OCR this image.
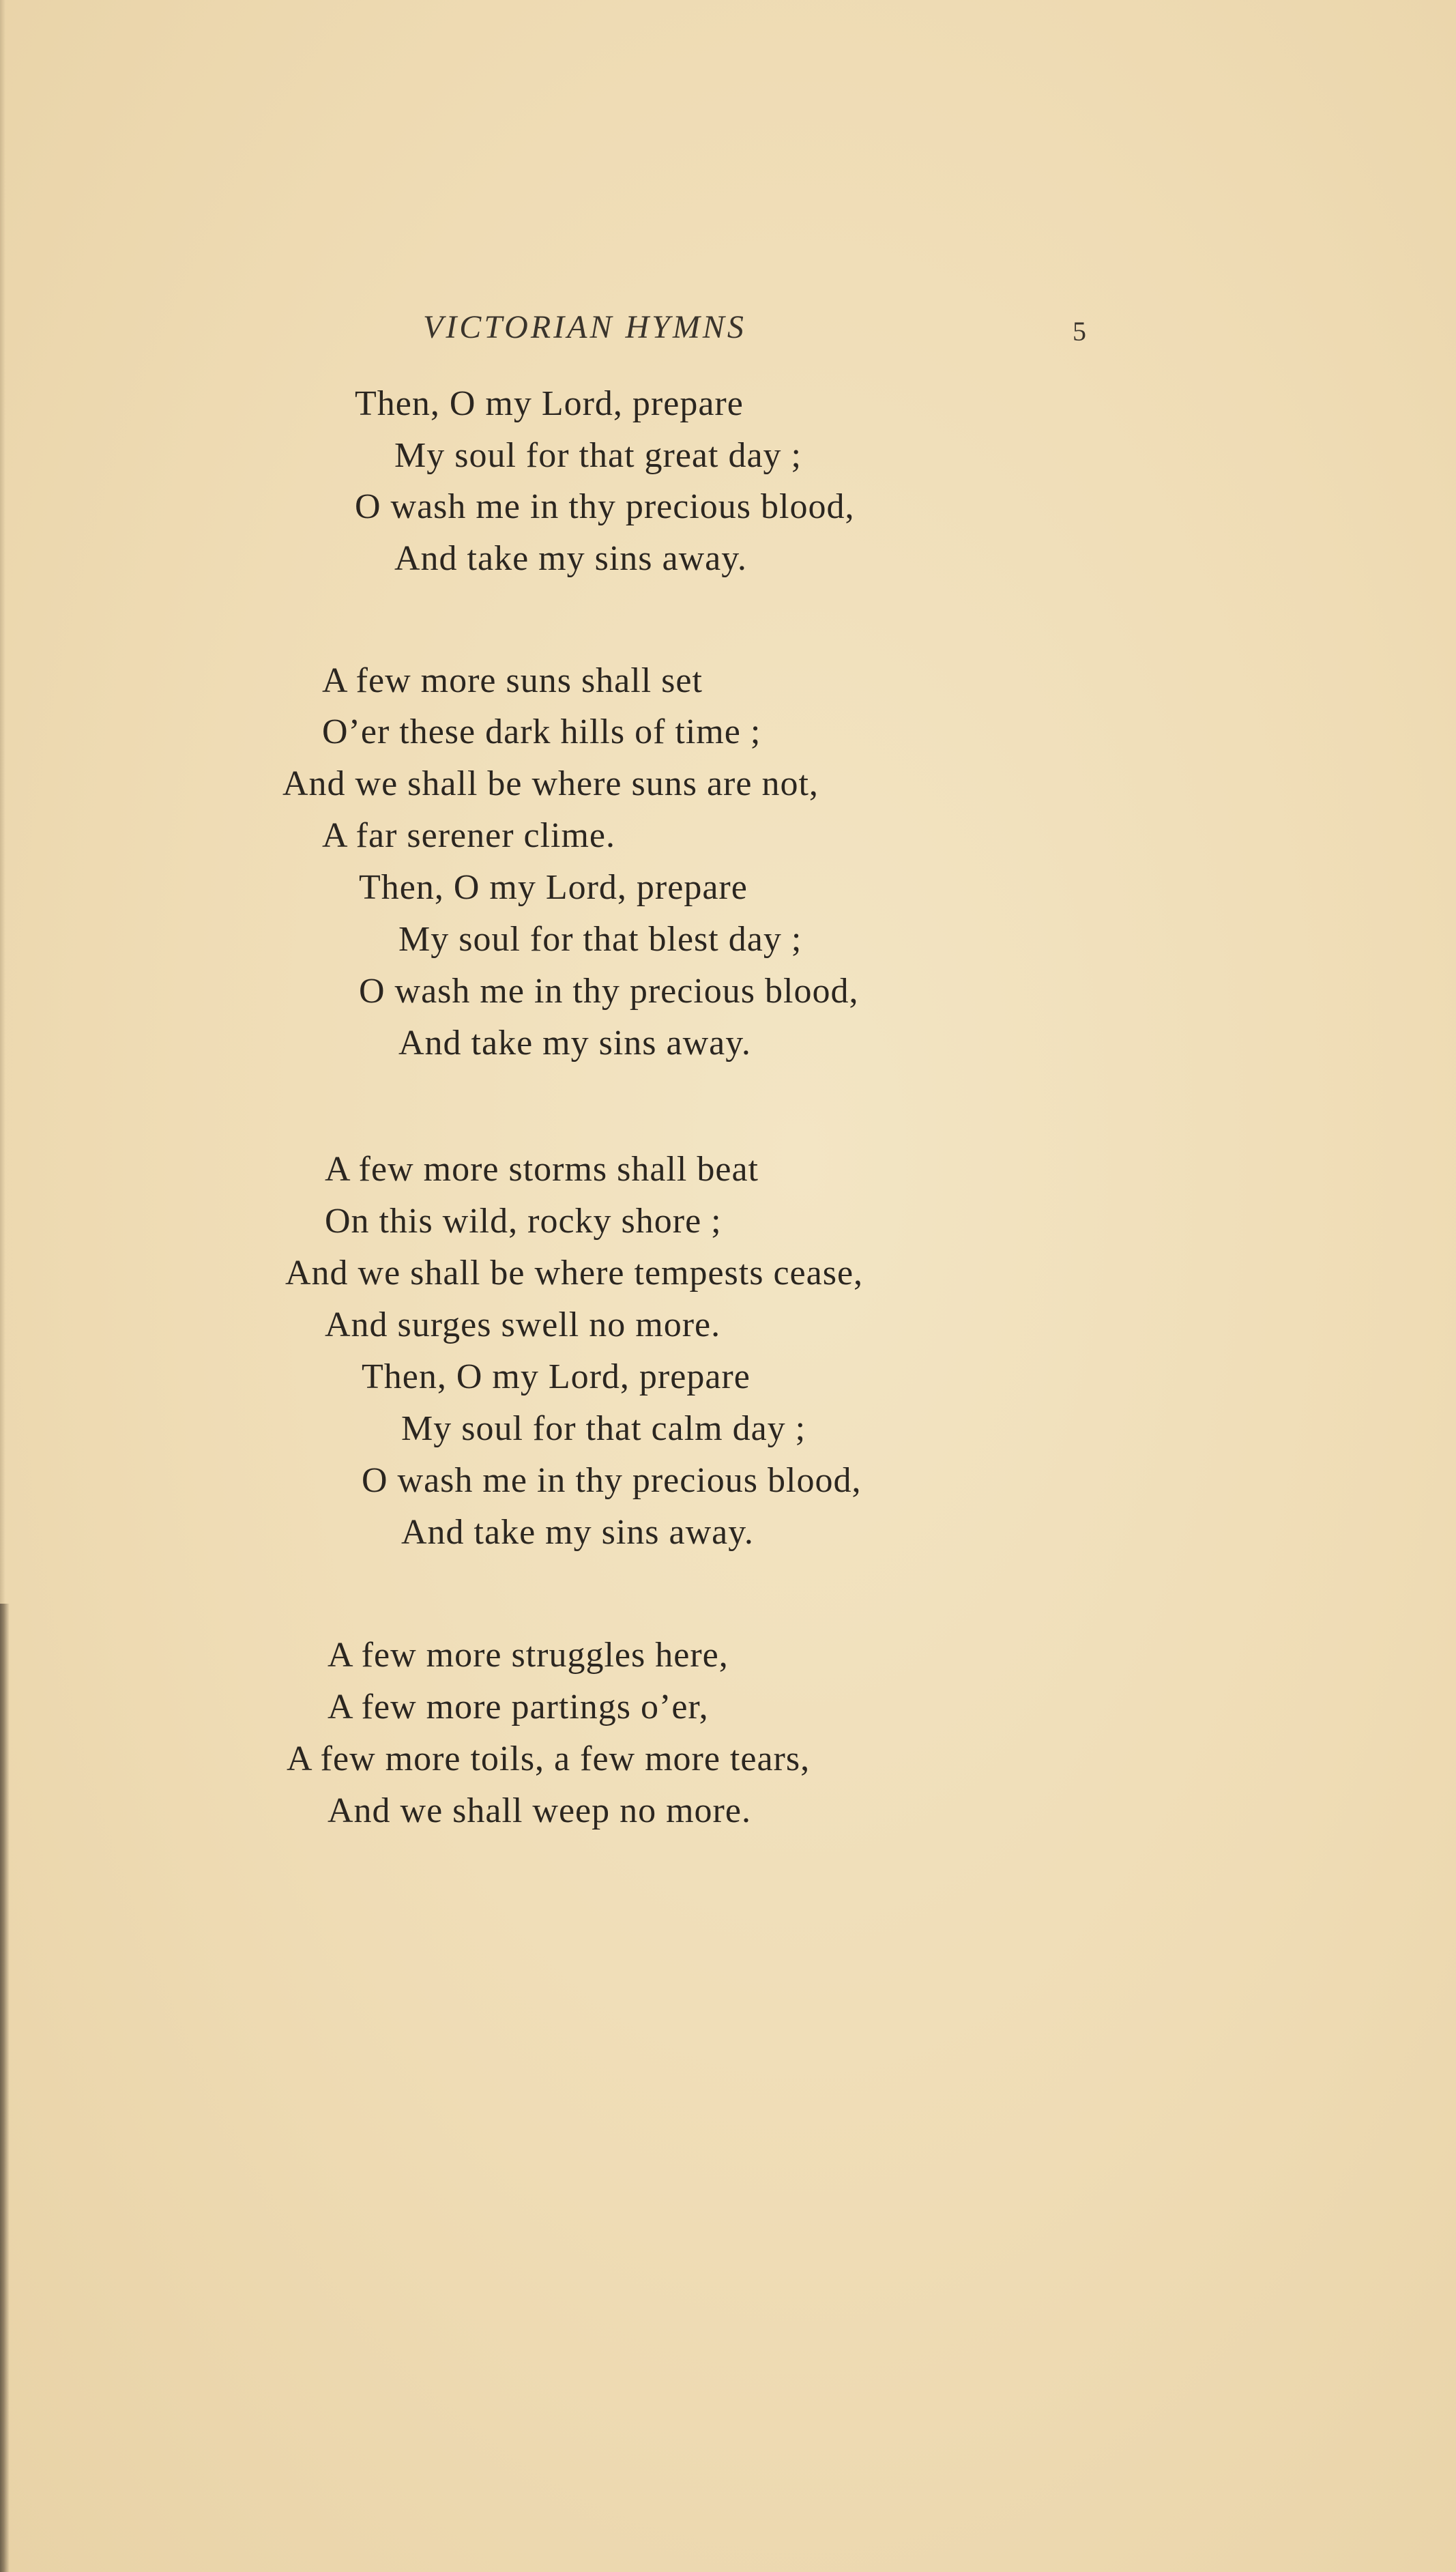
VICTORIAN HYMNS	5
Then, O my Lord, prepare
My soul for that great day ;
O wash me in thy precious blood,
And take my sins away.
A few more suns shall set
O’er these dark hills of time ;
And we shall be where suns are not,
A far serener clime.
Then, O my Lord, prepare
My soul for that blest day ;
O wash me in thy precious blood,
And take my sins away.
A few more storms shall beat
On this wild, rocky shore ;
And we shall be where tempests cease,
And surges swell no more.
Then, O my Lord, prepare
My soul for that calm day ;
O wash me in thy precious blood,
And take my sins away.
A few more struggles here,
A few more partings o’er,
A few more toils, a few more tears,
And we shall weep no more.
